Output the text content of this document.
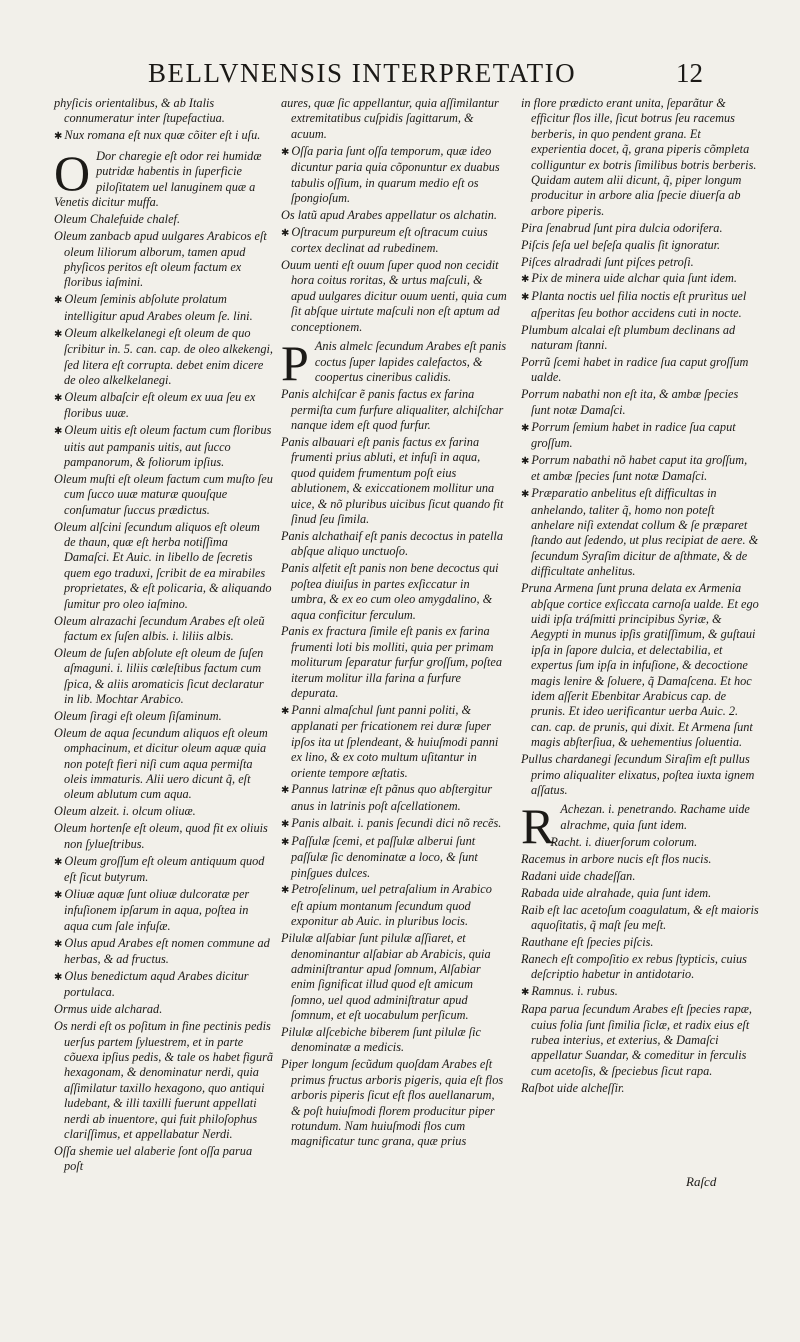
BELLVNENSIS INTERPRETATIO	12
phyſicis orientalibus, & ab Italis connumeratur inter ſtupefactiua.
✱ Nux romana eſt nux quæ cõiter eſt i uſu.
O Dor charegie eſt odor rei humidæ putridæ habentis in ſuperficie piloſitatem uel lanuginem quæ a Venetis dicitur muffa.
Oleum Chalefuide chalef.
Oleum zanbacb apud uulgares Arabicos eſt oleum liliorum alborum, tamen apud phyſicos peritos eſt oleum factum ex floribus iaſmini.
✱ Oleum ſeminis abſolute prolatum intelligitur apud Arabes oleum ſe. lini.
✱ Oleum alkelkelanegi eſt oleum de quo ſcribitur in. 5. can. cap. de oleo alkekengi, ſed litera eſt corrupta. debet enim dicere de oleo alkelkelanegi.
✱ Oleum albaſcir eſt oleum ex uua ſeu ex floribus uuæ.
✱ Oleum uitis eſt oleum factum cum floribus uitis aut pampanis uitis, aut ſucco pampanorum, & foliorum ipſius.
Oleum muſti eſt oleum factum cum muſto ſeu cum ſucco uuæ maturæ quouſque conſumatur ſuccus prædictus.
Oleum alſcini ſecundum aliquos eſt oleum de thaun, quæ eſt herba notiſſima Damaſci. Et Auic. in libello de ſecretis quem ego traduxi, ſcribit de ea mirabiles proprietates, & eſt policaria, & aliquando ſumitur pro oleo iaſmino.
Oleum alrazachi ſecundum Arabes eſt oleũ factum ex ſuſen albis. i. liliis albis.
Oleum de ſuſen abſolute eſt oleum de ſuſen aſmaguni. i. liliis cœleſtibus factum cum ſpica, & aliis aromaticis ſicut declaratur in lib. Mochtar Arabico.
Oleum ſiragi eſt oleum ſiſaminum.
Oleum de aqua ſecundum aliquos eſt oleum omphacinum, et dicitur oleum aquæ quia non poteſt fieri niſi cum aqua permiſta oleis immaturis. Alii uero dicunt q̃, eſt oleum ablutum cum aqua.
Oleum alzeit. i. olcum oliuæ.
Oleum hortenſe eſt oleum, quod fit ex oliuis non ſylueſtribus.
✱ Oleum groſſum eſt oleum antiquum quod eſt ſicut butyrum.
✱ Oliuæ aquæ ſunt oliuæ dulcoratæ per infuſionem ipſarum in aqua, poſtea in aqua cum ſale infuſæ.
✱ Olus apud Arabes eſt nomen commune ad herbas, & ad fructus.
✱ Olus benedictum aqud Arabes dicitur portulaca.
Ormus uide alcharad.
Os nerdi eſt os poſitum in fine pectinis pedis uerſus partem ſyluestrem, et in parte cõuexa ipſius pedis, & tale os habet figurã hexagonam, & denominatur nerdi, quia aſſimilatur taxillo hexagono, quo antiqui ludebant, & illi taxilli fuerunt appellati nerdi ab inuentore, qui fuit philoſophus clariſſimus, et appellabatur Nerdi.
Oſſa shemie uel alaberie ſont oſſa parua poſt
aures, quæ ſic appellantur, quia aſſimilantur extremitatibus cuſpidis ſagittarum, & acuum.
✱ Oſſa paria ſunt oſſa temporum, quæ ideo dicuntur paria quia cõponuntur ex duabus tabulis oſſium, in quarum medio eſt os ſpongioſum.
Os latũ apud Arabes appellatur os alchatin.
✱ Oſtracum purpureum eſt oſtracum cuius cortex declinat ad rubedinem.
Ouum uenti eſt ouum ſuper quod non cecidit hora coitus roritas, & urtus maſculi, & apud uulgares dicitur ouum uenti, quia cum ſit abſque uirtute maſculi non eſt aptum ad conceptionem.
P Anis almelc ſecundum Arabes eſt panis coctus ſuper lapides calefactos, & coopertus cineribus calidis.
Panis alchiſcar ẽ panis factus ex farina permiſta cum furfure aliqualiter, alchiſchar nanque idem eſt quod furfur.
Panis albauari eſt panis factus ex farina frumenti prius abluti, et infuſi in aqua, quod quidem frumentum poſt eius ablutionem, & exiccationem mollitur una uice, & nõ pluribus uicibus ſicut quando fit ſinud ſeu ſimila.
Panis alchathaif eſt panis decoctus in patella abſque aliquo unctuoſo.
Panis alfetit eſt panis non bene decoctus qui poſtea diuiſus in partes exſiccatur in umbra, & ex eo cum oleo amygdalino, & aqua conficitur ferculum.
Panis ex fractura ſimile eſt panis ex farina frumenti loti bis molliti, quia per primam moliturum ſeparatur furfur groſſum, poſtea iterum molitur illa farina a furfure depurata.
✱ Panni almaſchul ſunt panni politi, & applanati per fricationem rei duræ ſuper ipſos ita ut ſplendeant, & huiuſmodi panni ex lino, & ex coto multum uſitantur in oriente tempore æſtatis.
✱ Pannus latrinæ eſt pãnus quo abſtergitur anus in latrinis poſt aſcellationem.
✱ Panis albait. i. panis ſecundi dici nõ recẽs.
✱ Paſſulæ ſcemi, et paſſulæ alberui ſunt paſſulæ ſic denominatæ a loco, & ſunt pinſgues dulces.
✱ Petroſelinum, uel petraſalium in Arabico eſt apium montanum ſecundum quod exponitur ab Auic. in pluribus locis.
Pilulæ alſabiar ſunt pilulæ aſſiaret, et denominantur alſabiar ab Arabicis, quia adminiſtrantur apud ſomnum, Alſabiar enim ſignificat illud quod eſt amicum ſomno, uel quod adminiſtratur apud ſomnum, et eſt uocabulum perſicum.
Pilulæ alſcebiche biberem ſunt pilulæ ſic denominatæ a medicis.
Piper longum ſecũdum quoſdam Arabes eſt primus fructus arboris pigeris, quia eſt flos arboris piperis ſicut eſt flos auellanarum, & poſt huiuſmodi florem producitur piper rotundum. Nam huiuſmodi flos cum magnificatur tunc grana, quæ prius
in flore prædicto erant unita, ſeparãtur & efficitur flos ille, ſicut botrus ſeu racemus berberis, in quo pendent grana. Et experientia docet, q̃, grana piperis cõmpleta colliguntur ex botris ſimilibus botris berberis. Quidam autem alii dicunt, q̃, piper longum producitur in arbore alia ſpecie diuerſa ab arbore piperis.
Pira ſenabrud ſunt pira dulcia odorifera.
Piſcis ſeſa uel beſeſa qualis ſit ignoratur.
Piſces alradradi ſunt piſces petroſi.
✱ Pix de minera uide alchar quia ſunt idem.
✱ Planta noctis uel filia noctis eſt prurìtus uel aſperitas ſeu bothor accidens cuti in nocte.
Plumbum alcalai eſt plumbum declinans ad naturam ſtanni.
Porrũ ſcemi habet in radice ſua caput groſſum ualde.
Porrum nabathi non eſt ita, & ambæ ſpecies ſunt notæ Damaſci.
✱ Porrum ſemium habet in radice ſua caput groſſum.
✱ Porrum nabathi nõ habet caput ita groſſum, et ambæ ſpecies ſunt notæ Damaſci.
✱ Præparatio anbelitus eſt difficultas in anhelando, taliter q̃, homo non poteſt anhelare niſi extendat collum & ſe præparet ſtando aut ſedendo, ut plus recipiat de aere. & ſecundum Syraſim dicitur de aſthmate, & de difficultate anhelitus.
Pruna Armena ſunt pruna delata ex Armenia abſque cortice exſiccata carnoſa ualde. Et ego uidi ipſa tráſmitti principibus Syriæ, & Aegypti in munus ipſis gratiſſimum, & guſtaui ipſa in ſapore dulcia, et delectabilia, et expertus ſum ipſa in infuſione, & decoctione magis lenire & ſoluere, q̃ Damaſcena. Et hoc idem aſſerit Ebenbitar Arabicus cap. de prunis. Et ideo uerificantur uerba Auic. 2. can. cap. de prunis, qui dixit. Et Armena ſunt magis abſterſiua, & uehementius ſoluentia.
Pullus chardanegi ſecundum Siraſim eſt pullus primo aliqualiter elixatus, poſtea iuxta ignem aſſatus.
R Achezan. i. penetrando. Rachame uide alrachme, quia ſunt idem.
Racht. i. diuerſorum colorum.
Racemus in arbore nucis eſt flos nucis.
Radani uide chadeſſan.
Rabada uide alrahade, quia ſunt idem.
Raib eſt lac acetoſum coagulatum, & eſt maioris aquoſitatis, q̃ maſt ſeu meſt.
Rauthane eſt ſpecies piſcis.
Ranech eſt compoſitio ex rebus ſtypticis, cuius deſcriptio habetur in antidotario.
✱ Ramnus. i. rubus.
Rapa parua ſecundum Arabes eſt ſpecies rapæ, cuius folia ſunt ſimilia ſiclæ, et radix eius eſt rubea interius, et exterius, & Damaſci appellatur Suandar, & comeditur in ferculis cum acetoſis, & ſpeciebus ſicut rapa.
Raſbot uide alcheſſir.
Raſcd
